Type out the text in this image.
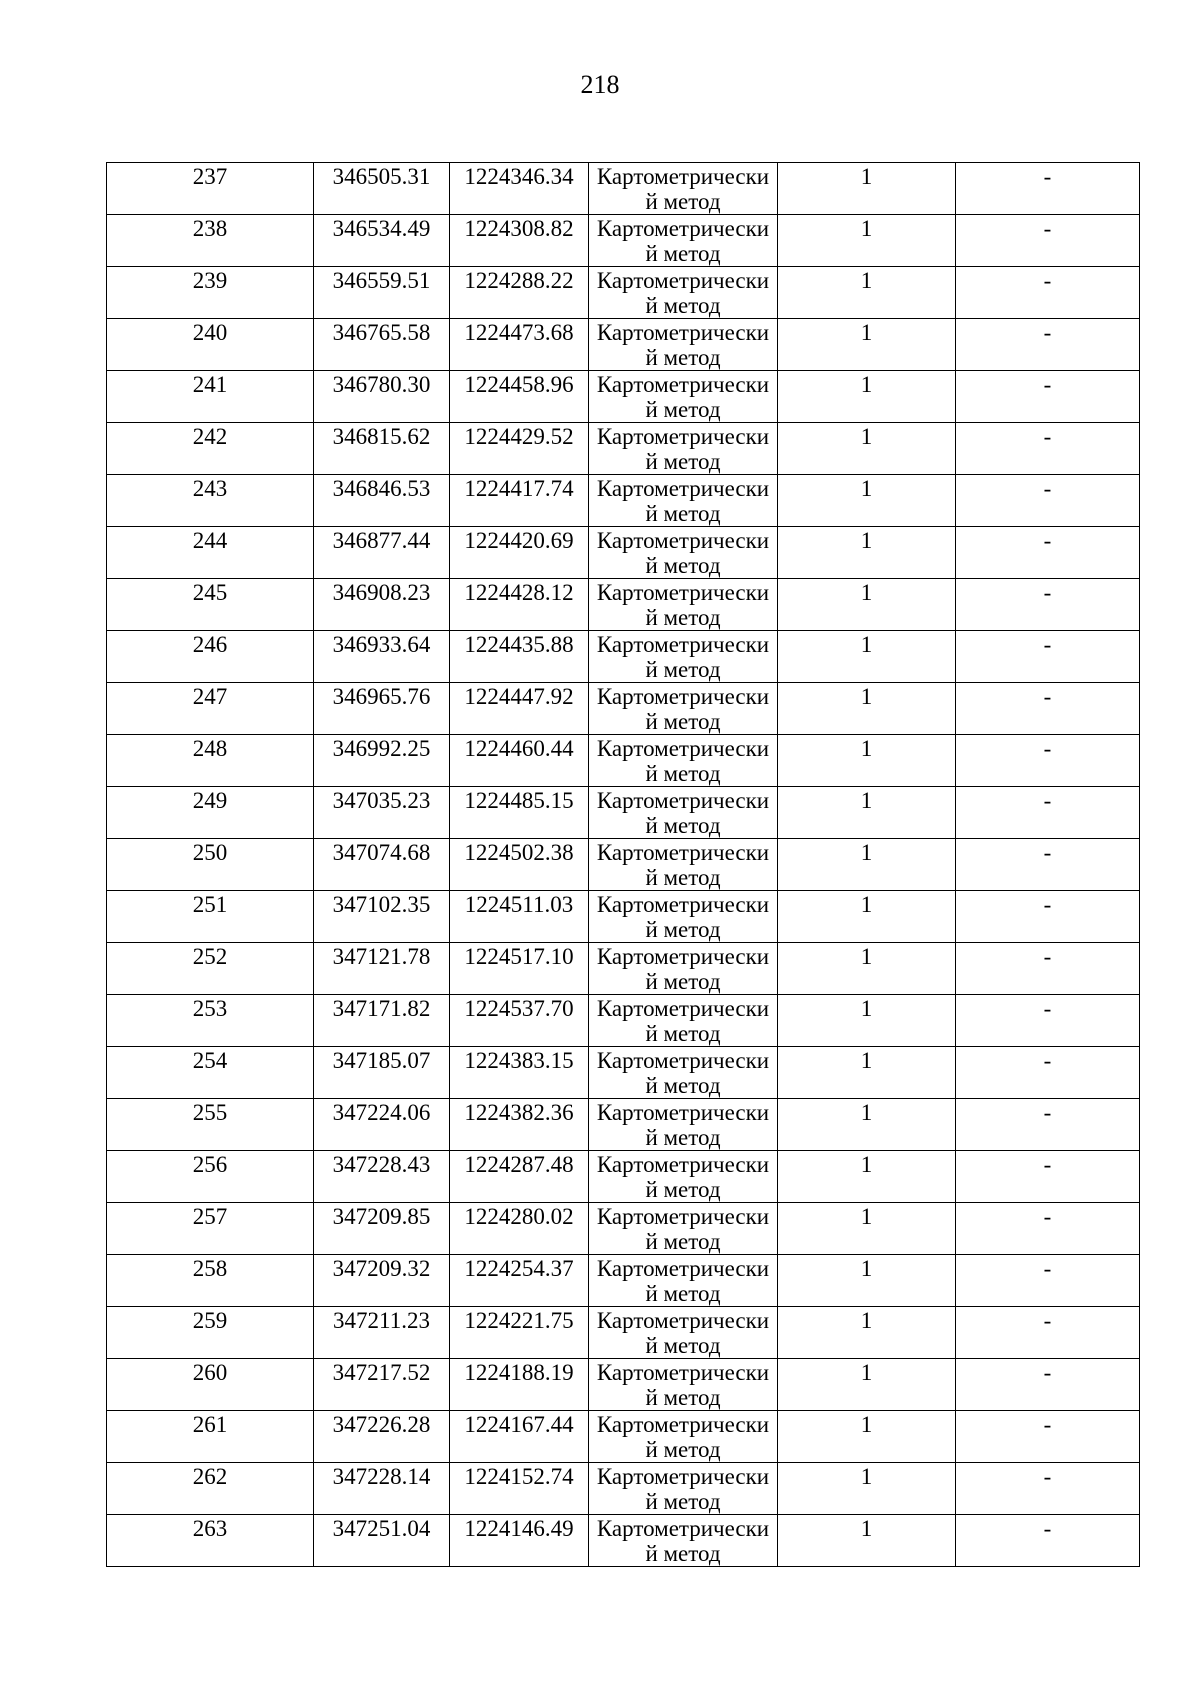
218
237	346505.31	1224346.34	Картометрически й метод	1	-

238	346534.49	1224308.82	Картометрически й метод	1	-

239	346559.51	1224288.22	Картометрически й метод	1	-

240	346765.58	1224473.68	Картометрически й метод	1	-

241	346780.30	1224458.96	Картометрически й метод	1	-

242	346815.62	1224429.52	Картометрически й метод	1	-

243	346846.53	1224417.74	Картометрически й метод	1	-

244	346877.44	1224420.69	Картометрически й метод	1	-

245	346908.23	1224428.12	Картометрически й метод	1	-

246	346933.64	1224435.88	Картометрически й метод	1	-

247	346965.76	1224447.92	Картометрически й метод	1	-

248	346992.25	1224460.44	Картометрически й метод	1	-

249	347035.23	1224485.15	Картометрически й метод	1	-

250	347074.68	1224502.38	Картометрически й метод	1	-

251	347102.35	1224511.03	Картометрически й метод	1	-

252	347121.78	1224517.10	Картометрически й метод	1	-

253	347171.82	1224537.70	Картометрически й метод	1	-

254	347185.07	1224383.15	Картометрически й метод	1	-

255	347224.06	1224382.36	Картометрически й метод	1	-

256	347228.43	1224287.48	Картометрически й метод	1	-

257	347209.85	1224280.02	Картометрически й метод	1	-

258	347209.32	1224254.37	Картометрически й метод	1	-

259	347211.23	1224221.75	Картометрически й метод	1	-

260	347217.52	1224188.19	Картометрически й метод	1	-

261	347226.28	1224167.44	Картометрически й метод	1	-

262	347228.14	1224152.74	Картометрически й метод	1	-

263	347251.04	1224146.49	Картометрически й метод	1	-
